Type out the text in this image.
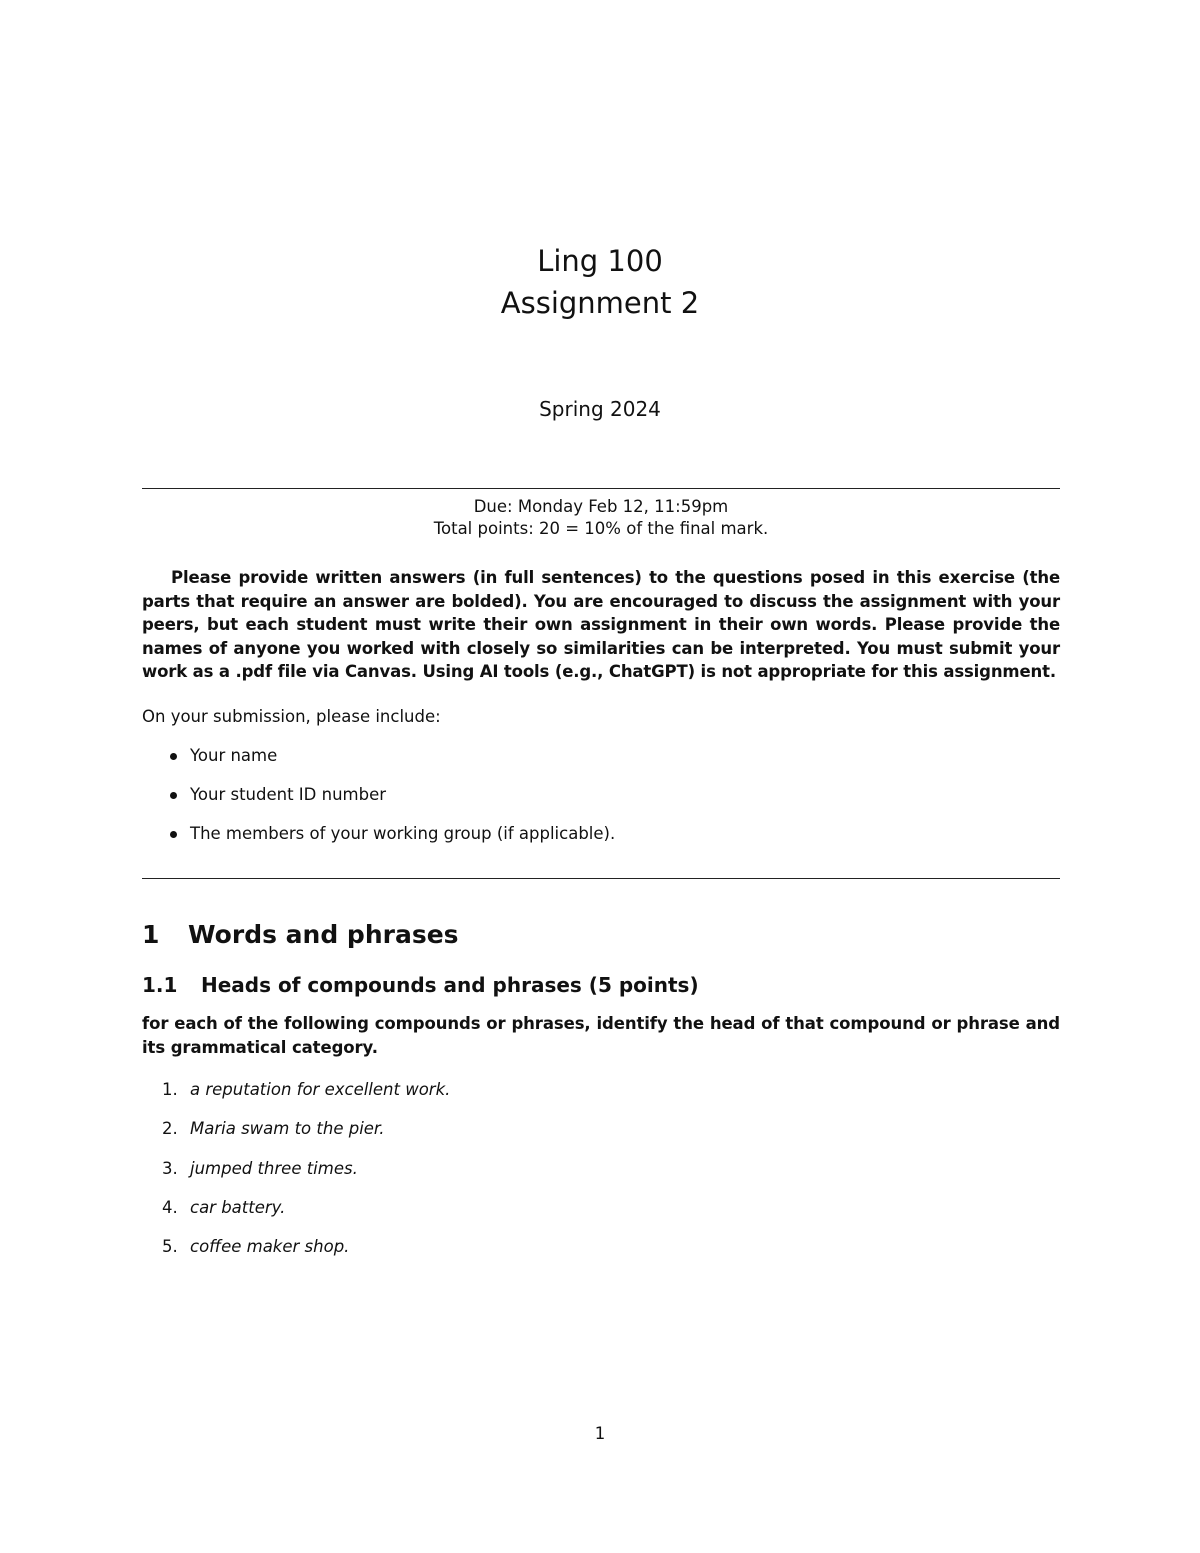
Ling 100
Assignment 2
Spring 2024
Due: Monday Feb 12, 11:59pm
Total points: 20 = 10% of the final mark.

Please provide written answers (in full sentences) to the questions posed in this exercise (the parts that require an answer are bolded). You are encouraged to discuss the assignment with your peers, but each student must write their own assignment in their own words. Please provide the names of anyone you worked with closely so similarities can be interpreted. You must submit your work as a .pdf file via Canvas. Using AI tools (e.g., ChatGPT) is not appropriate for this assignment.

On your submission, please include:

Your name
Your student ID number
The members of your working group (if applicable).
1 Words and phrases
1.1 Heads of compounds and phrases (5 points)

for each of the following compounds or phrases, identify the head of that compound or phrase and its grammatical category.

1. a reputation for excellent work.
2. Maria swam to the pier.
3. jumped three times.
4. car battery.
5. coffee maker shop.
1
